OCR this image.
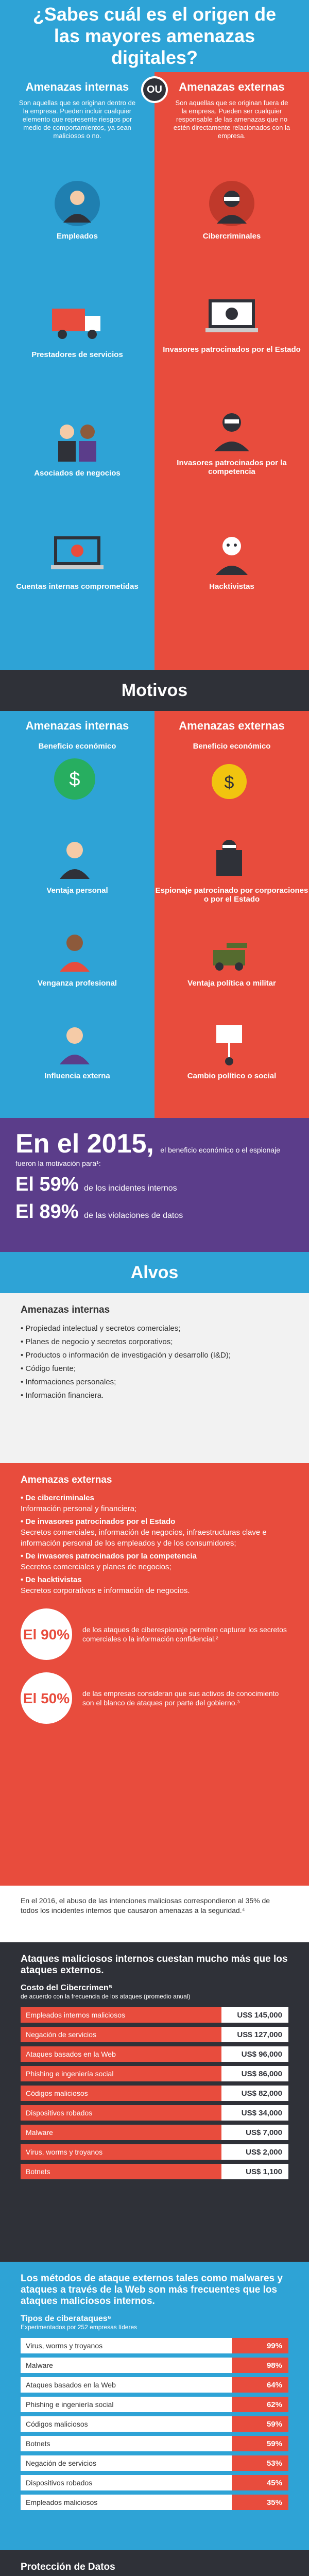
¿Sabes cuál es el origen de las mayores amenazas digitales?
Amenazas internas
Son aquellas que se originan dentro de la empresa. Pueden incluir cualquier elemento que represente riesgos por medio de comportamientos, ya sean maliciosos o no.
Empleados
Prestadores de servicios
Asociados de negocios
Cuentas internas comprometidas
Amenazas externas
Son aquellas que se originan fuera de la empresa. Pueden ser cualquier responsable de las amenazas que no estén directamente relacionados con la empresa.
Cibercriminales
Invasores patrocinados por el Estado
Invasores patrocinados por la competencia
Hacktivistas
OU
Motivos
Amenazas internas
Beneficio económico
$
Ventaja personal
Venganza profesional
Influencia externa
Amenazas externas
Beneficio económico
$
Espionaje patrocinado por corporaciones o por el Estado
Ventaja política o militar
Cambio político o social
En el 2015, el beneficio económico o el espionaje fueron la motivación para¹:
El 59% de los incidentes internos
El 89% de las violaciones de datos
Alvos
Amenazas internas
• Propiedad intelectual y secretos comerciales;
• Planes de negocio y secretos corporativos;
• Productos o información de investigación y desarrollo (I&D);
• Código fuente;
• Informaciones personales;
• Información financiera.
Amenazas externas
• De cibercriminales
Información personal y financiera;
• De invasores patrocinados por el Estado
Secretos comerciales, información de negocios, infraestructuras clave e información personal de los empleados y de los consumidores;
• De invasores patrocinados por la competencia
Secretos comerciales y planes de negocios;
• De hacktivistas
Secretos corporativos e información de negocios.
El 90%	de los ataques de ciberespionaje permiten capturar los secretos comerciales o la información confidencial.²
El 50%	de las empresas consideran que sus activos de conocimiento son el blanco de ataques por parte del gobierno.³
En el 2016, el abuso de las intenciones maliciosas correspondieron al 35% de todos los incidentes internos que causaron amenazas a la seguridad.⁴
Ataques maliciosos internos cuestan mucho más que los ataques externos.
Costo del Cibercrimen⁵
de acuerdo con la frecuencia de los ataques (promedio anual)
Empleados internos maliciosos	US$ 145,000
Negación de servicios	US$ 127,000
Ataques basados en la Web	US$ 96,000
Phishing e ingeniería social	US$ 86,000
Códigos maliciosos	US$ 82,000
Dispositivos robados	US$ 34,000
Malware	US$ 7,000
Virus, worms y troyanos	US$ 2,000
Botnets	US$ 1,100
Los métodos de ataque externos tales como malwares y ataques a través de la Web son más frecuentes que los ataques maliciosos internos.
Tipos de ciberataques⁶
Experimentados por 252 empresas líderes
Virus, worms y troyanos	99%
Malware	98%
Ataques basados en la Web	64%
Phishing e ingeniería social	62%
Códigos maliciosos	59%
Botnets	59%
Negación de servicios	53%
Dispositivos robados	45%
Empleados maliciosos	35%
Protección de Datos
